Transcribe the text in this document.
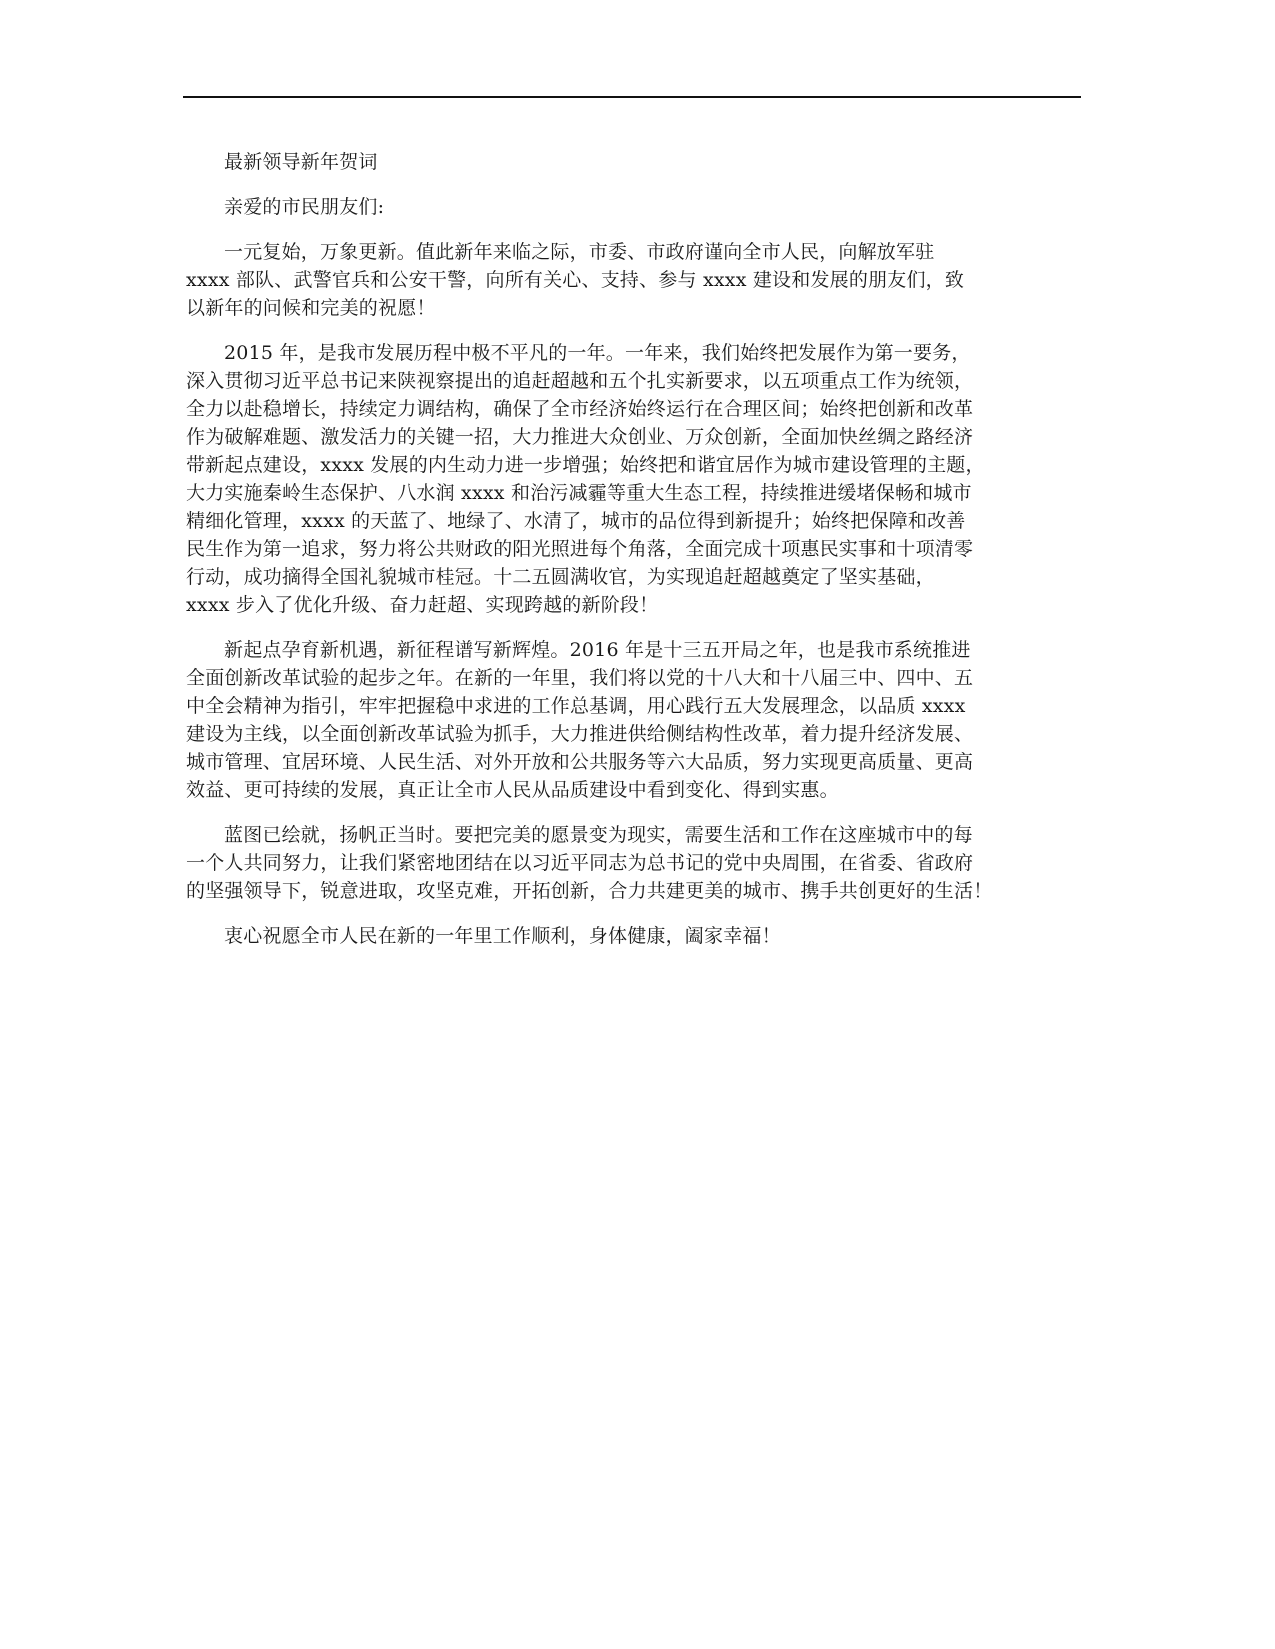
最新领导新年贺词

亲爱的市民朋友们:

一元复始，万象更新。值此新年来临之际，市委、市政府谨向全市人民，向解放军驻
xxxx 部队、武警官兵和公安干警，向所有关心、支持、参与 xxxx 建设和发展的朋友们，致
以新年的问候和完美的祝愿！

2015 年，是我市发展历程中极不平凡的一年。一年来，我们始终把发展作为第一要务，
深入贯彻习近平总书记来陕视察提出的追赶超越和五个扎实新要求，以五项重点工作为统领，
全力以赴稳增长，持续定力调结构，确保了全市经济始终运行在合理区间；始终把创新和改革
作为破解难题、激发活力的关键一招，大力推进大众创业、万众创新，全面加快丝绸之路经济
带新起点建设，xxxx 发展的内生动力进一步增强；始终把和谐宜居作为城市建设管理的主题，
大力实施秦岭生态保护、八水润 xxxx 和治污减霾等重大生态工程，持续推进缓堵保畅和城市
精细化管理，xxxx 的天蓝了、地绿了、水清了，城市的品位得到新提升；始终把保障和改善
民生作为第一追求，努力将公共财政的阳光照进每个角落，全面完成十项惠民实事和十项清零
行动，成功摘得全国礼貌城市桂冠。十二五圆满收官，为实现追赶超越奠定了坚实基础，
xxxx 步入了优化升级、奋力赶超、实现跨越的新阶段！

新起点孕育新机遇，新征程谱写新辉煌。2016 年是十三五开局之年，也是我市系统推进
全面创新改革试验的起步之年。在新的一年里，我们将以党的十八大和十八届三中、四中、五
中全会精神为指引，牢牢把握稳中求进的工作总基调，用心践行五大发展理念，以品质 xxxx
建设为主线，以全面创新改革试验为抓手，大力推进供给侧结构性改革，着力提升经济发展、
城市管理、宜居环境、人民生活、对外开放和公共服务等六大品质，努力实现更高质量、更高
效益、更可持续的发展，真正让全市人民从品质建设中看到变化、得到实惠。

蓝图已绘就，扬帆正当时。要把完美的愿景变为现实，需要生活和工作在这座城市中的每
一个人共同努力，让我们紧密地团结在以习近平同志为总书记的党中央周围，在省委、省政府
的坚强领导下，锐意进取，攻坚克难，开拓创新，合力共建更美的城市、携手共创更好的生活！

衷心祝愿全市人民在新的一年里工作顺利，身体健康，阖家幸福！
